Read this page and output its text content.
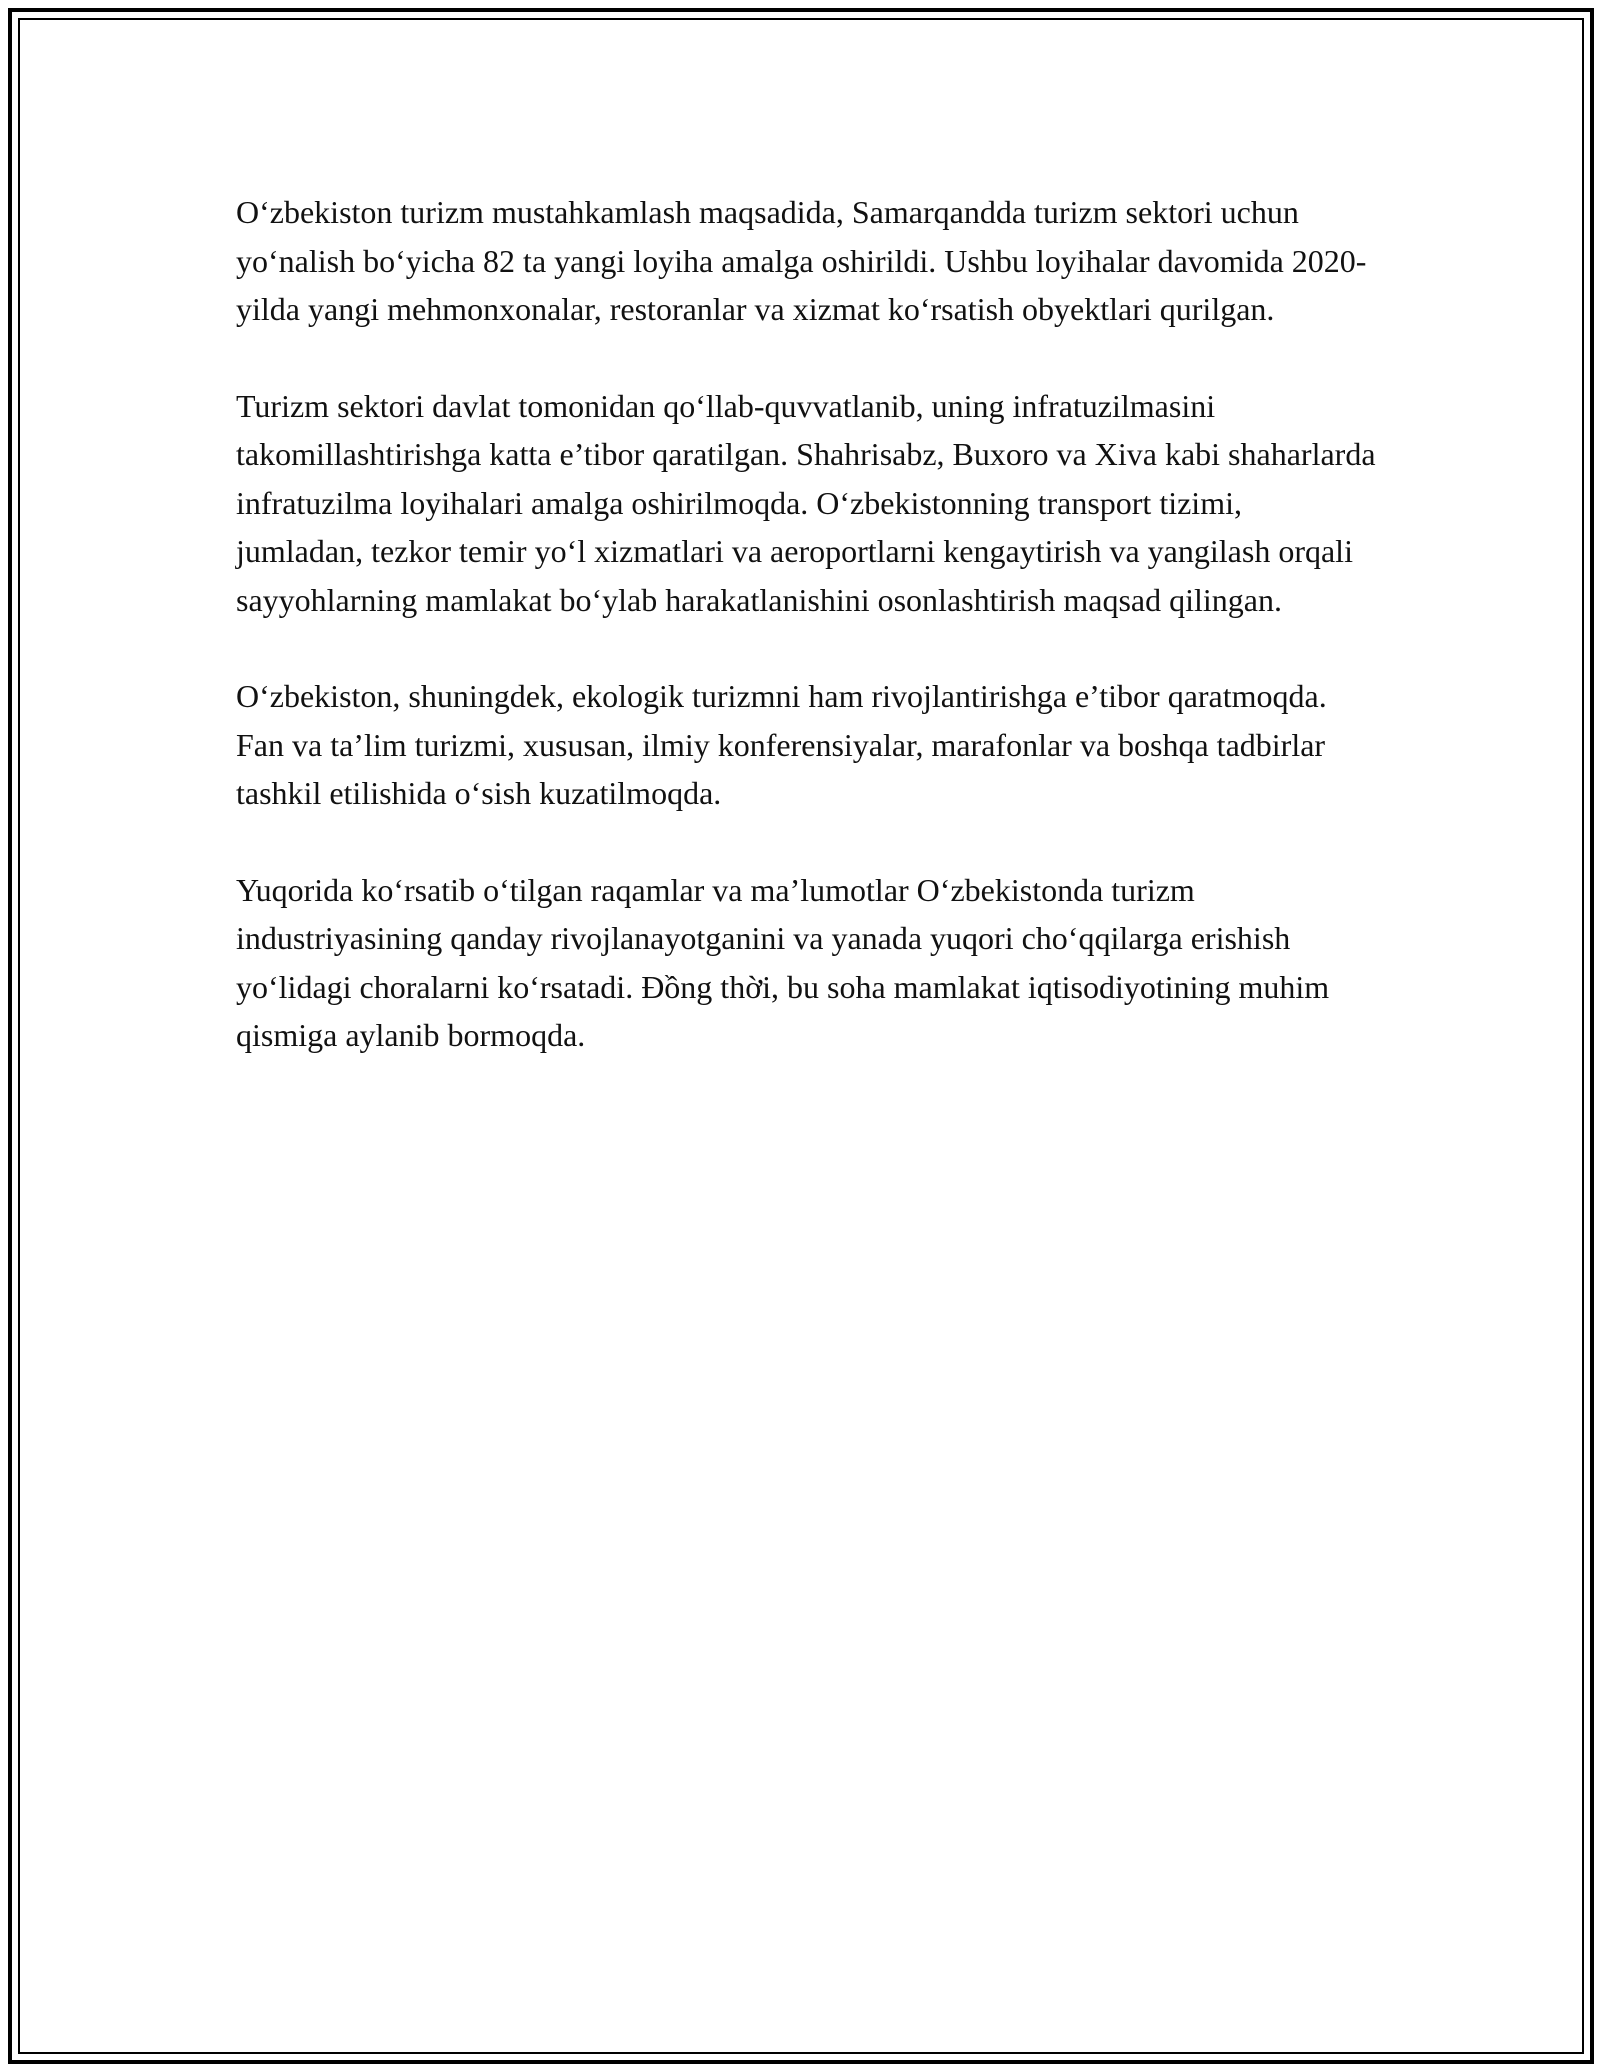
O‘zbekiston turizm mustahkamlash maqsadida, Samarqandda turizm sektori uchun yo‘nalish bo‘yicha 82 ta yangi loyiha amalga oshirildi. Ushbu loyihalar davomida 2020-yilda yangi mehmonxonalar, restoranlar va xizmat ko‘rsatish obyektlari qurilgan.

Turizm sektori davlat tomonidan qo‘llab-quvvatlanib, uning infratuzilmasini takomillashtirishga katta e’tibor qaratilgan. Shahrisabz, Buxoro va Xiva kabi shaharlarda infratuzilma loyihalari amalga oshirilmoqda. O‘zbekistonning transport tizimi, jumladan, tezkor temir yo‘l xizmatlari va aeroportlarni kengaytirish va yangilash orqali sayyohlarning mamlakat bo‘ylab harakatlanishini osonlashtirish maqsad qilingan.

O‘zbekiston, shuningdek, ekologik turizmni ham rivojlantirishga e’tibor qaratmoqda. Fan va ta’lim turizmi, xususan, ilmiy konferensiyalar, marafonlar va boshqa tadbirlar tashkil etilishida o‘sish kuzatilmoqda.

Yuqorida ko‘rsatib o‘tilgan raqamlar va ma’lumotlar O‘zbekistonda turizm industriyasining qanday rivojlanayotganini va yanada yuqori cho‘qqilarga erishish yo‘lidagi choralarni ko‘rsatadi. Đồng thời, bu soha mamlakat iqtisodiyotining muhim qismiga aylanib bormoqda.
